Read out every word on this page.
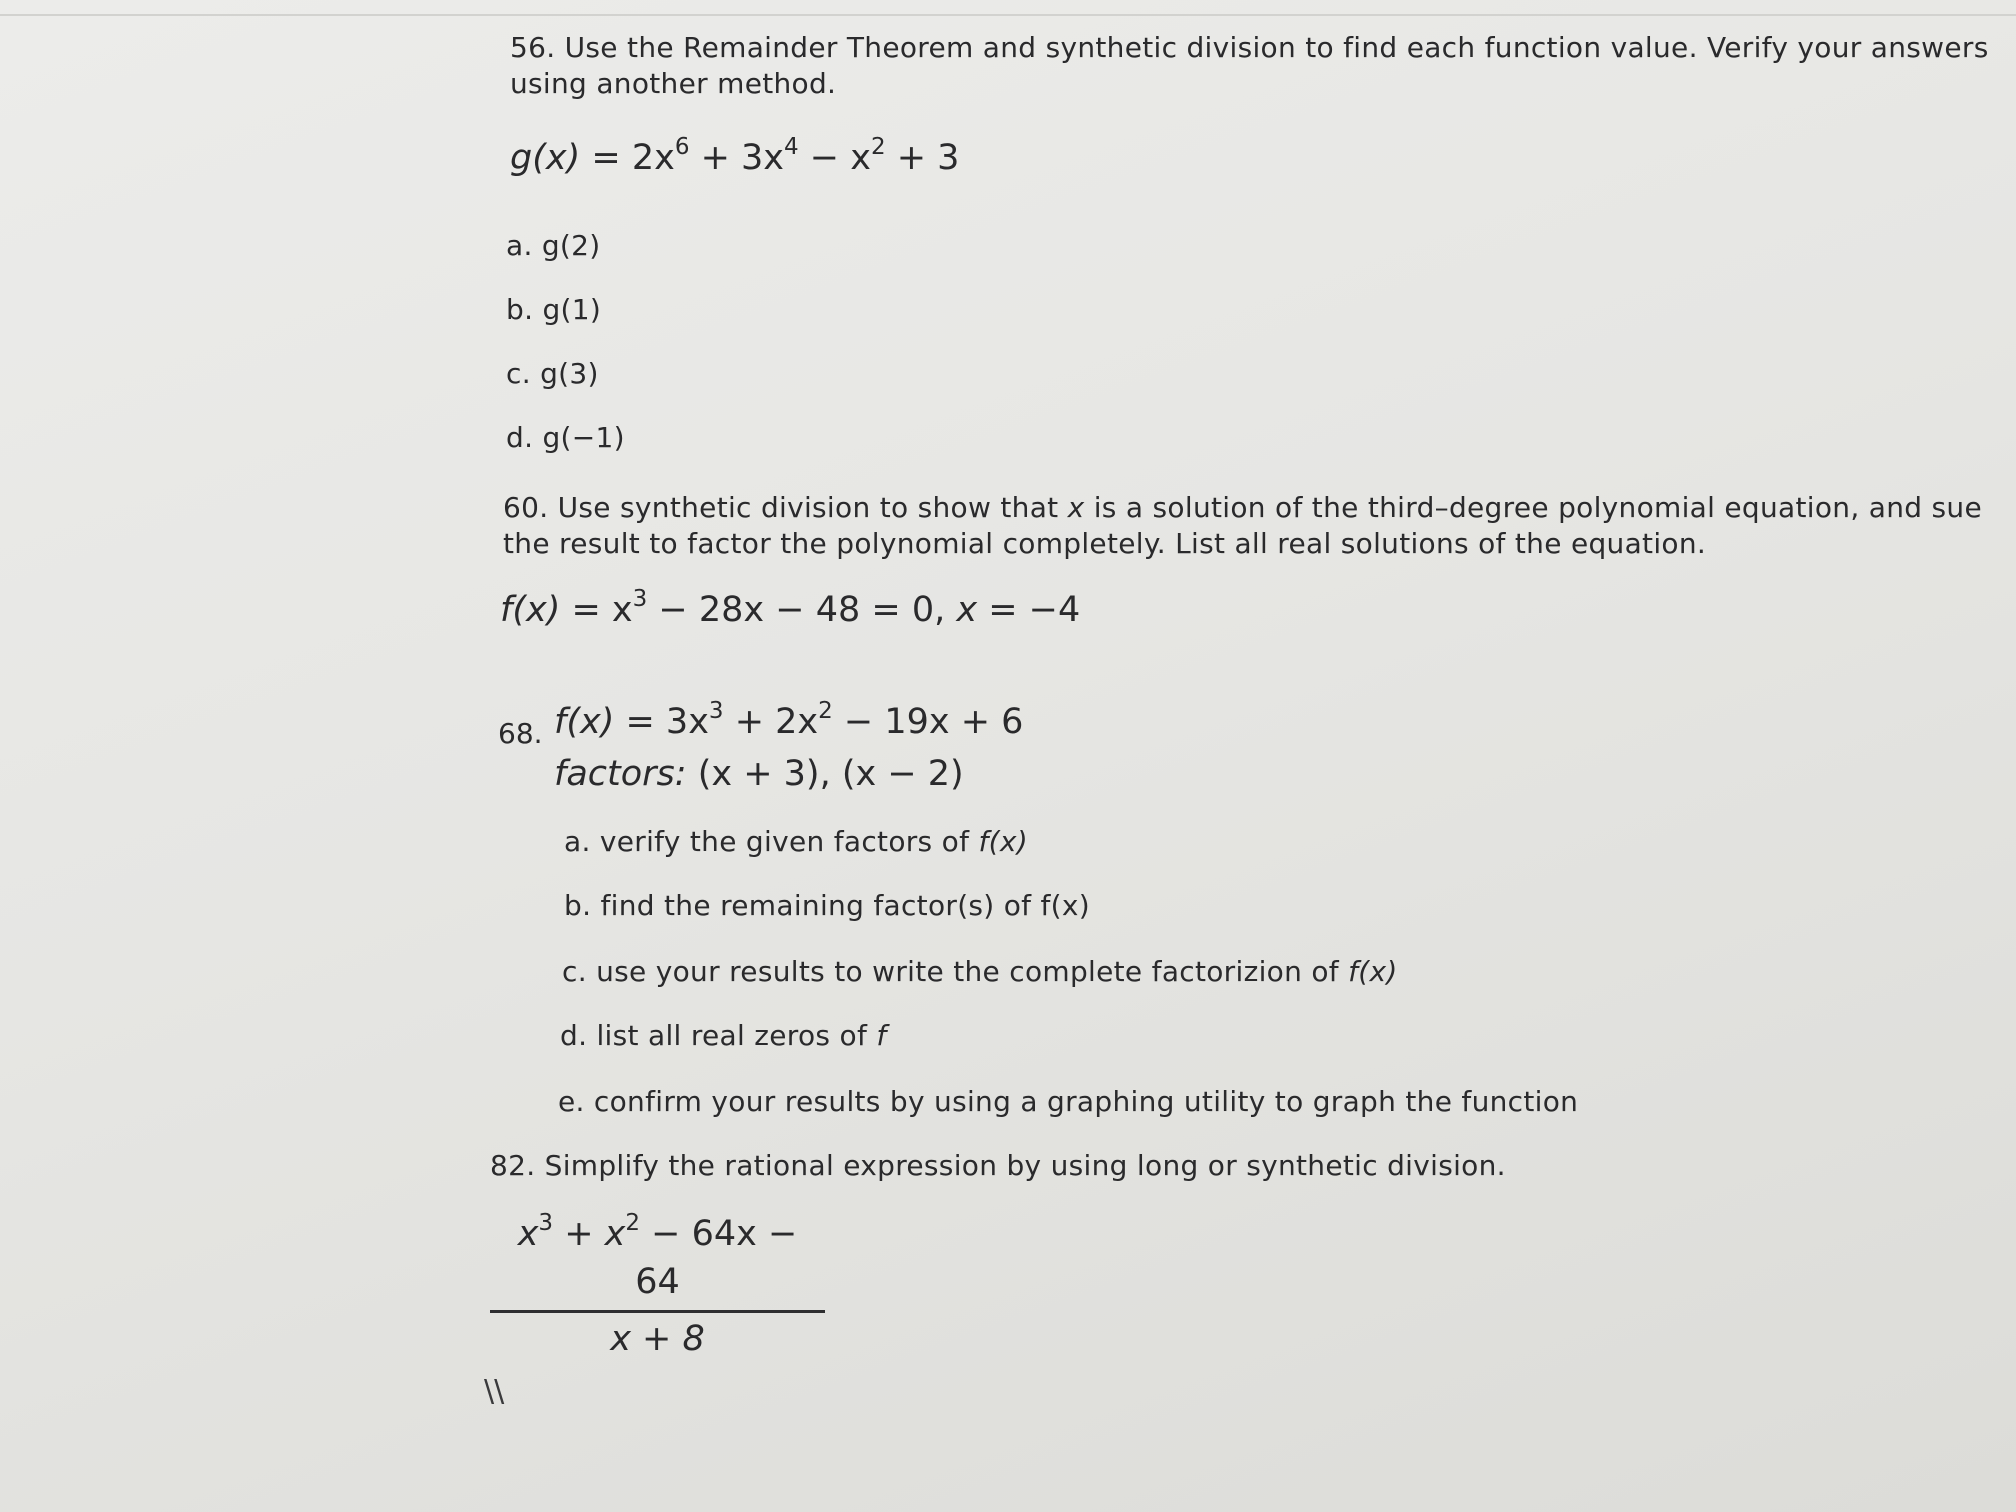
56. Use the Remainder Theorem and synthetic division to find each function value. Verify your answers
using another method.
$g(x) = 2x^6 + 3x^4 - x^2 + 3$
a. g(2)
b. g(1)
c. g(3)
d. g(−1)
60. Use synthetic division to show that x is a solution of the third–degree polynomial equation, and sue
the result to factor the polynomial completely. List all real solutions of the equation.
$f(x) = x^3 - 28x - 48 = 0$, x = −4
68. $f(x) = 3x^3 + 2x^2 - 19x + 6$
factors: (x + 3), (x − 2)
a. verify the given factors of f(x)
b. find the remaining factor(s) of f(x)
c. use your results to write the complete factorizion of f(x)
d. list all real zeros of f
e. confirm your results by using a graphing utility to graph the function
82. Simplify the rational expression by using long or synthetic division.
$x^3 + x^2 - 64x - 64$
x + 8
\\
